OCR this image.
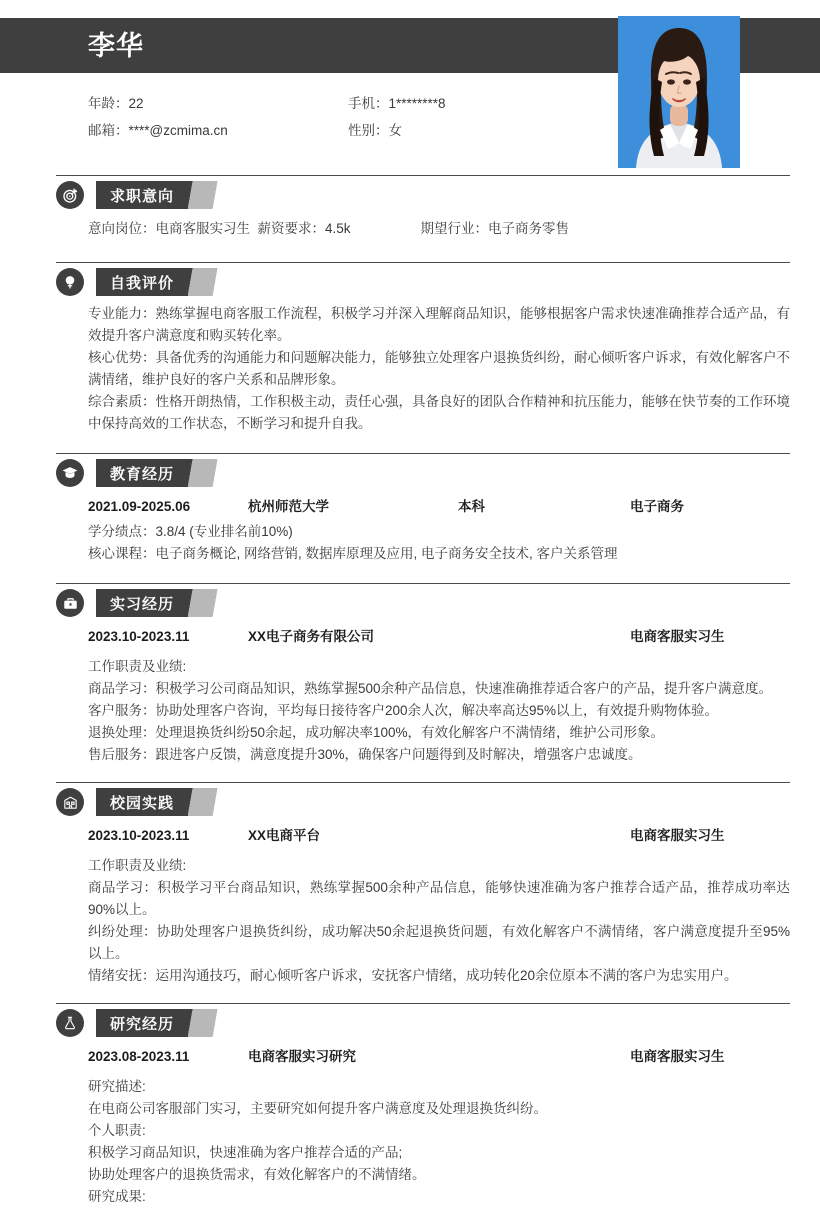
李华
年龄： 22	手机： 1********8
邮箱： ****@zcmima.cn	性别： 女
求职意向
意向岗位：电商客服实习生  薪资要求：4.5k	期望行业：电子商务零售
自我评价

专业能力：熟练掌握电商客服工作流程，积极学习并深入理解商品知识，能够根据客户需求快速准确推荐合适产品，有效提升客户满意度和购买转化率。

核心优势：具备优秀的沟通能力和问题解决能力，能够独立处理客户退换货纠纷，耐心倾听客户诉求，有效化解客户不满情绪，维护良好的客户关系和品牌形象。

综合素质：性格开朗热情，工作积极主动，责任心强，具备良好的团队合作精神和抗压能力，能够在快节奏的工作环境中保持高效的工作状态，不断学习和提升自我。

教育经历
2021.09-2025.06	杭州师范大学	本科	电子商务

学分绩点：3.8/4 (专业排名前10%)

核心课程：电子商务概论, 网络营销, 数据库原理及应用, 电子商务安全技术, 客户关系管理

实习经历
2023.10-2023.11	XX电子商务有限公司	电商客服实习生

工作职责及业绩:

商品学习：积极学习公司商品知识，熟练掌握500余种产品信息，快速准确推荐适合客户的产品，提升客户满意度。

客户服务：协助处理客户咨询，平均每日接待客户200余人次，解决率高达95%以上，有效提升购物体验。

退换处理：处理退换货纠纷50余起，成功解决率100%，有效化解客户不满情绪，维护公司形象。

售后服务：跟进客户反馈，满意度提升30%，确保客户问题得到及时解决，增强客户忠诚度。

校园实践
2023.10-2023.11	XX电商平台	电商客服实习生

工作职责及业绩:

商品学习：积极学习平台商品知识，熟练掌握500余种产品信息，能够快速准确为客户推荐合适产品，推荐成功率达90%以上。

纠纷处理：协助处理客户退换货纠纷，成功解决50余起退换货问题，有效化解客户不满情绪，客户满意度提升至95%以上。

情绪安抚：运用沟通技巧，耐心倾听客户诉求，安抚客户情绪，成功转化20余位原本不满的客户为忠实用户。

研究经历
2023.08-2023.11	电商客服实习研究	电商客服实习生

研究描述:

在电商公司客服部门实习，主要研究如何提升客户满意度及处理退换货纠纷。

个人职责:

积极学习商品知识，快速准确为客户推荐合适的产品;

协助处理客户的退换货需求，有效化解客户的不满情绪。

研究成果:
